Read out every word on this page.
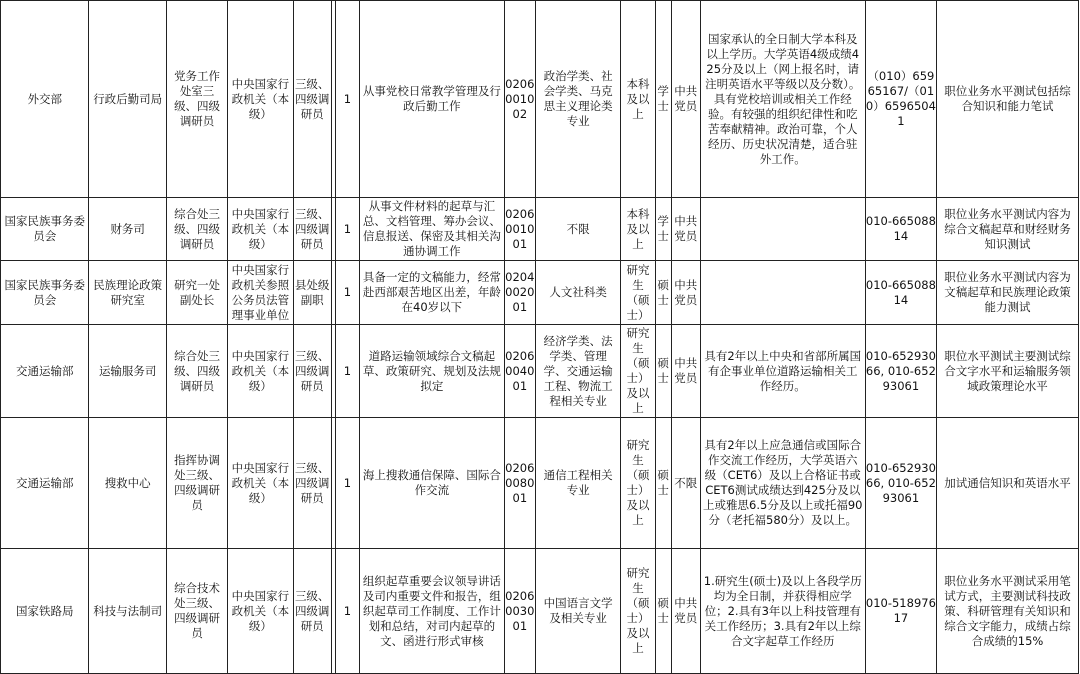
外交部	行政后勤司局	党务工作处室三级、四级调研员	中央国家行政机关（本级）	三级、四级调研员		1	从事党校日常教学管理及行政后勤工作	0206001002	政治学类、社会学类、马克思主义理论类专业	本科及以上	学士	中共党员	国家承认的全日制大学本科及以上学历。大学英语4级成绩425分及以上（网上报名时，请注明英语水平等级以及分数）。具有党校培训或相关工作经验。有较强的组织纪律性和吃苦奉献精神。政治可靠，个人经历、历史状况清楚，适合驻外工作。	（010）65965167/（010）65965041	职位业务水平测试包括综合知识和能力笔试
国家民族事务委员会	财务司	综合处三级、四级调研员	中央国家行政机关（本级）	三级、四级调研员		1	从事文件材料的起草与汇总、文档管理、筹办会议、信息报送、保密及其相关沟通协调工作	0206001001	不限	本科及以上	学士	中共党员		010-66508814	职位业务水平测试内容为综合文稿起草和财经财务知识测试
国家民族事务委员会	民族理论政策研究室	研究一处副处长	中央国家行政机关参照公务员法管理事业单位	县处级副职		1	具备一定的文稿能力，经常赴西部艰苦地区出差，年龄在40岁以下	0204002001	人文社科类	研究生（硕士）	硕士	中共党员		010-66508814	职位业务水平测试内容为文稿起草和民族理论政策能力测试
交通运输部	运输服务司	综合处三级、四级调研员	中央国家行政机关（本级）	三级、四级调研员		1	道路运输领域综合文稿起草、政策研究、规划及法规拟定	0206004001	经济学类、法学类、管理学、交通运输工程、物流工程相关专业	研究生（硕士）及以上	硕士	中共党员	具有2年以上中央和省部所属国有企事业单位道路运输相关工作经历。	010-65293066, 010-65293061	职位水平测试主要测试综合文字水平和运输服务领域政策理论水平
交通运输部	搜救中心	指挥协调处三级、四级调研员	中央国家行政机关（本级）	三级、四级调研员		1	海上搜救通信保障、国际合作交流	0206008001	通信工程相关专业	研究生（硕士）及以上	硕士	不限	具有2年以上应急通信或国际合作交流工作经历，大学英语六级（CET6）及以上合格证书或CET6测试成绩达到425分及以上或雅思6.5分及以上或托福90分（老托福580分）及以上。	010-65293066, 010-65293061	加试通信知识和英语水平
国家铁路局	科技与法制司	综合技术处三级、四级调研员	中央国家行政机关（本级）	三级、四级调研员		1	组织起草重要会议领导讲话及司内重要文件和报告，组织起草司工作制度、工作计划和总结，对司内起草的文、函进行形式审核	0206003001	中国语言文学及相关专业	研究生（硕士）及以上	硕士	中共党员	1.研究生(硕士)及以上各段学历均为全日制，并获得相应学位；2.具有3年以上科技管理有关工作经历；3.具有2年以上综合文字起草工作经历	010-51897617	职位业务水平测试采用笔试方式，主要测试科技政策、科研管理有关知识和综合文字能力，成绩占综合成绩的15%
